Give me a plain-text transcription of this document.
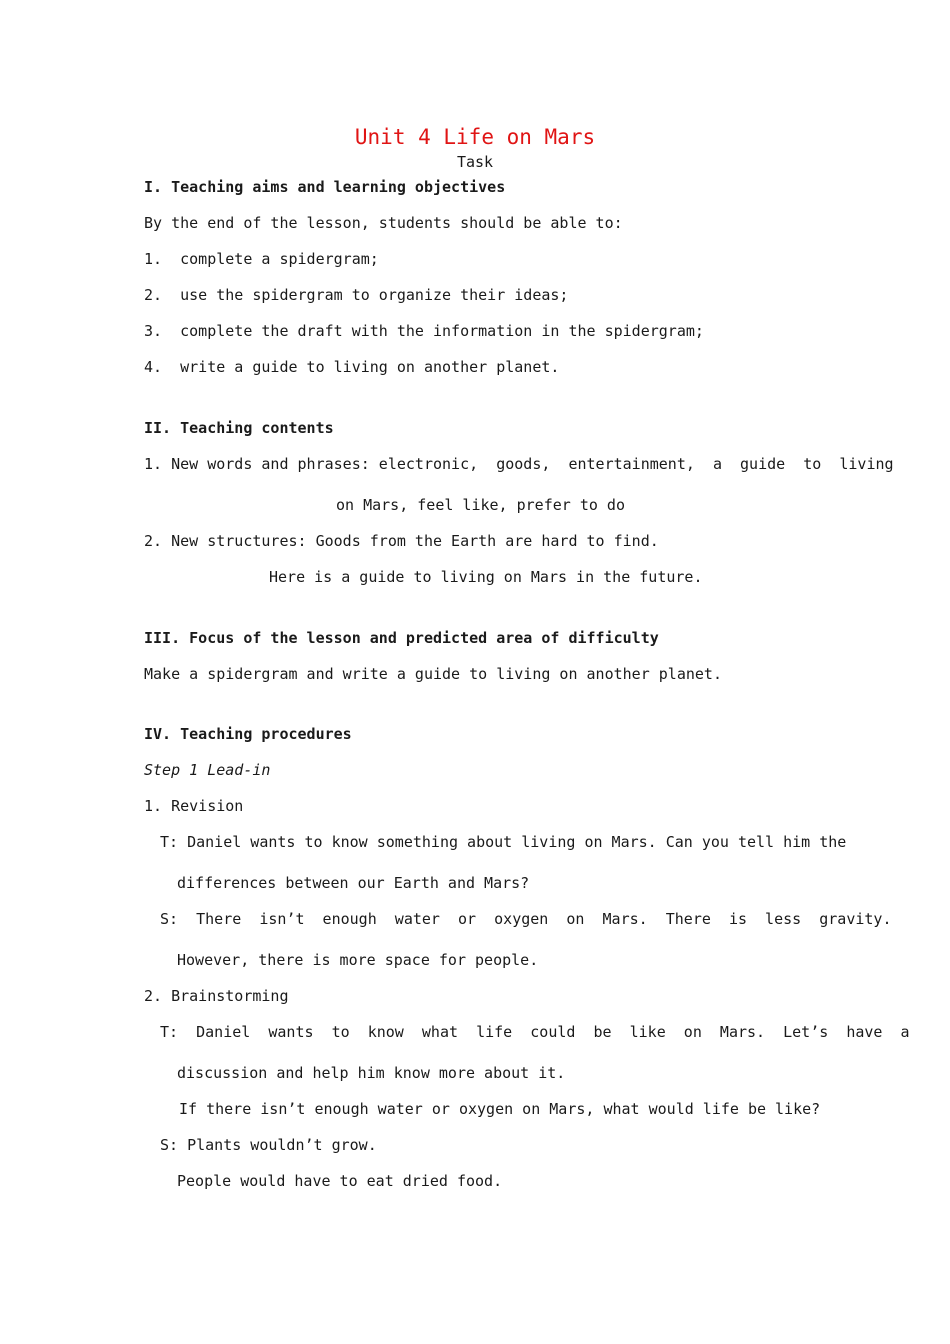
Unit 4 Life on Mars
Task
I. Teaching aims and learning objectives
By the end of the lesson, students should be able to:
1.  complete a spidergram;
2.  use the spidergram to organize their ideas;
3.  complete the draft with the information in the spidergram;
4.  write a guide to living on another planet.
II. Teaching contents
1. New words and phrases: electronic,  goods,  entertainment,  a  guide  to  living
on Mars, feel like, prefer to do
2. New structures: Goods from the Earth are hard to find.
Here is a guide to living on Mars in the future.
III. Focus of the lesson and predicted area of difficulty
Make a spidergram and write a guide to living on another planet.
IV. Teaching procedures
Step 1 Lead-in
1. Revision
T: Daniel wants to know something about living on Mars. Can you tell him the
differences between our Earth and Mars?
S:  There  isn’t  enough  water  or  oxygen  on  Mars.  There  is  less  gravity.
However, there is more space for people.
2. Brainstorming
T:  Daniel  wants  to  know  what  life  could  be  like  on  Mars.  Let’s  have  a
discussion and help him know more about it.
If there isn’t enough water or oxygen on Mars, what would life be like?
S: Plants wouldn’t grow.
People would have to eat dried food.
